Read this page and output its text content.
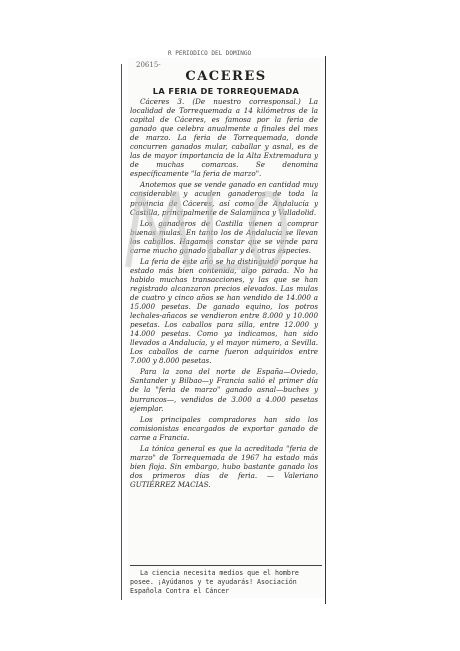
R PERIÓDICO DEL DOMINGO
20615-
CACERES
LA FERIA DE TORREQUEMADA

Cáceres 3. (De nuestro corresponsal.) La localidad de Torrequemada a 14 kilómetros de la capital de Cáceres, es famosa por la feria de ganado que celebra anualmente a finales del mes de marzo. La feria de Torrequemada, donde concurren ganados mular, caballar y asnal, es de las de mayor importancia de la Alta Extremadura y de muchas comarcas. Se denomina específicamente "la feria de marzo".

Anotemos que se vende ganado en cantidad muy considerable y acuden ganaderos de toda la provincia de Cáceres, así como de Andalucía y Castilla, principalmente de Salamanca y Valladolid.

Los ganaderos de Castilla vienen a comprar buenas mulas. En tanto los de Andalucía se llevan los caballos. Hagamos constar que se vende para carne mucho ganado caballar y de otras especies.

La feria de este año se ha distinguido porque ha estado más bien contenida, algo parada. No ha habido muchas transacciones, y las que se han registrado alcanzaron precios elevados. Las mulas de cuatro y cinco años se han vendido de 14.000 a 15.000 pesetas. De ganado equino, los potros lechales-añacos se vendieron entre 8.000 y 10.000 pesetas. Los caballos para silla, entre 12.000 y 14.000 pesetas. Como ya indicamos, han sido llevados a Andalucía, y el mayor número, a Sevilla. Los caballos de carne fueron adquiridos entre 7.000 y 8.000 pesetas.

Para la zona del norte de España—Oviedo, Santander y Bilbao—y Francia salió el primer día de la "feria de marzo" ganado asnal—buches y burrancos—, vendidos de 3.000 a 4.000 pesetas ejemplar.

Los principales compradores han sido los comisionistas encargados de exportar ganado de carne a Francia.

La tónica general es que la acreditada "feria de marzo" de Torrequemada de 1967 ha estado más bien floja. Sin embargo, hubo bastante ganado los dos primeros días de feria. — Valeriano GUTIÉRREZ MACIAS.

La ciencia necesita medios que el hombre posee. ¡Ayúdanos y te ayudarás! Asociación Española Contra el Cáncer
